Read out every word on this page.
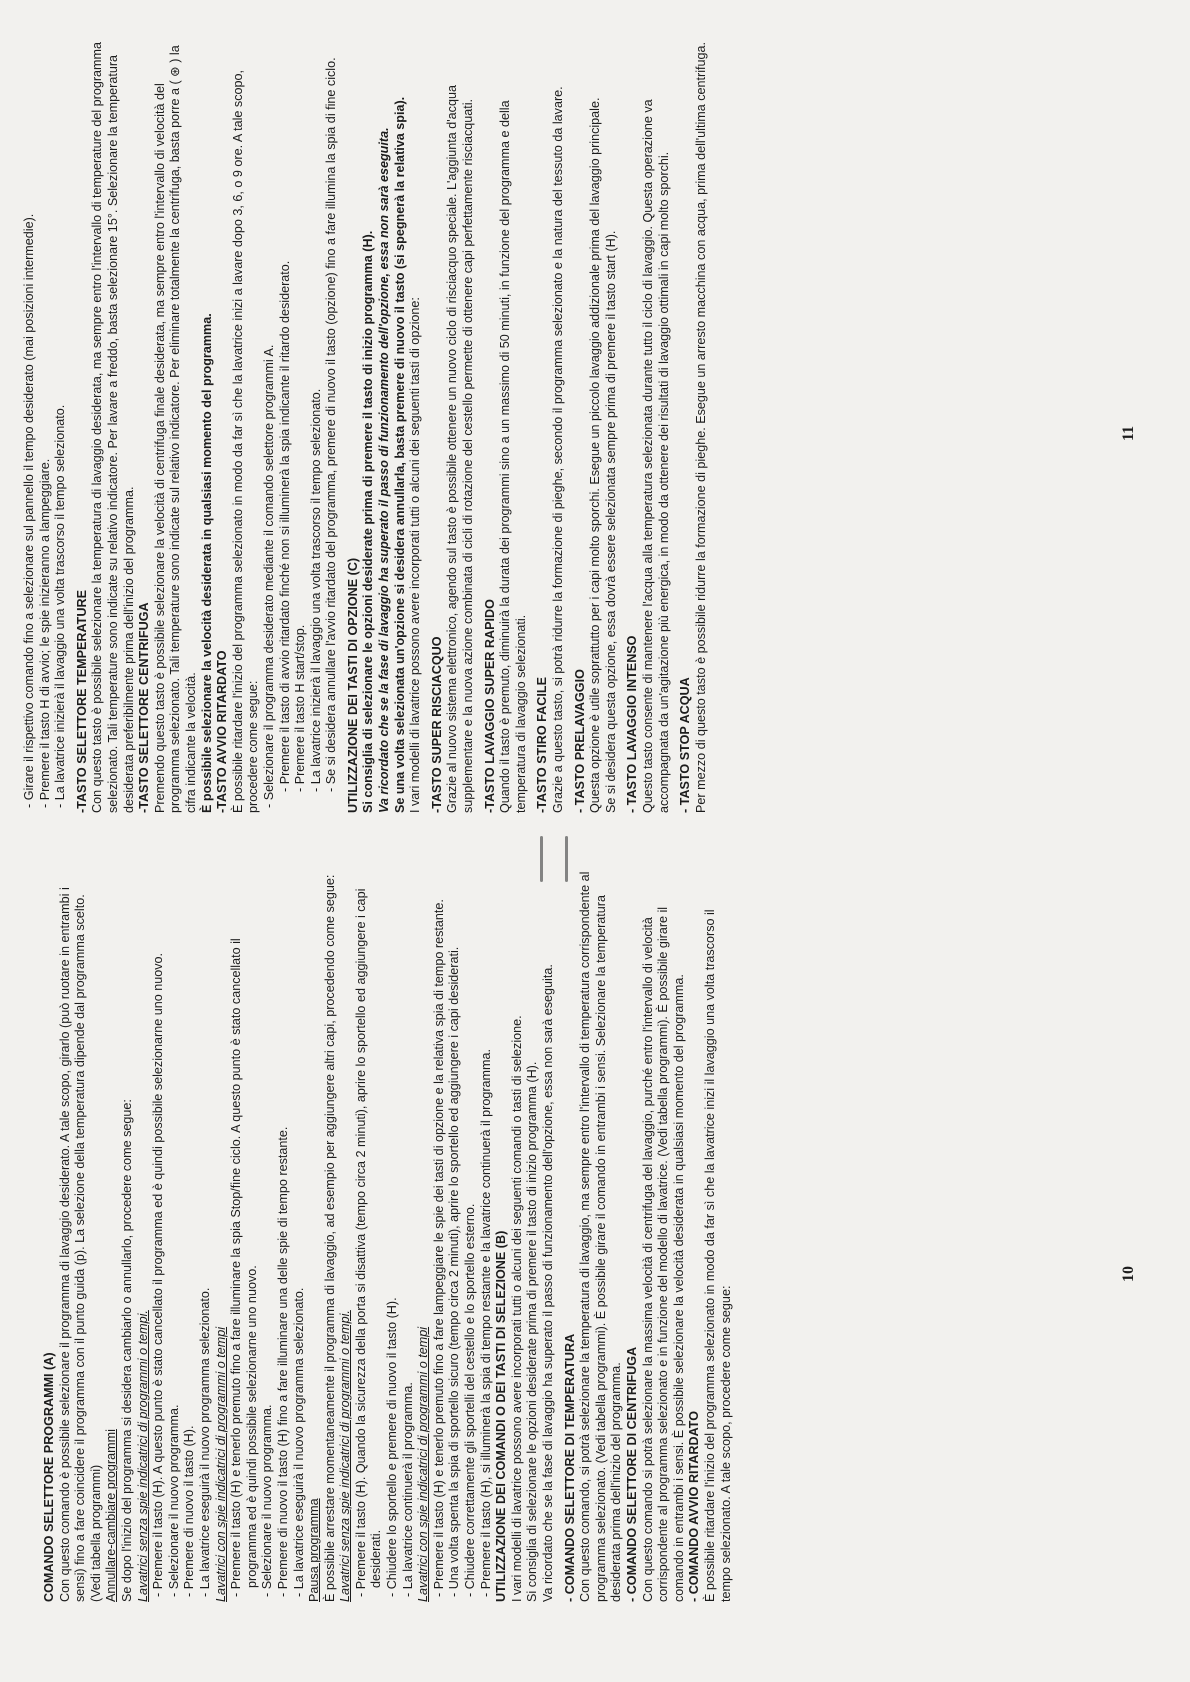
COMANDO SELETTORE PROGRAMMI (A) Con questo comando è possibile selezionare il programma di lavaggio desiderato. A tale scopo, girarlo (può ruotare in entrambi i sensi) fino a fare coincidere il programma con il punto guida (p). La selezione della temperatura dipende dal programma scelto. (Vedi tabella programmi) Annullare-cambiare programmi Se dopo l'inizio del programma si desidera cambiarlo o annullarlo, procedere come segue: Lavatrici senza spie indicatrici di programmi o tempi. - Premere il tasto (H). A questo punto è stato cancellato il programma ed è quindi possibile selezionarne uno nuovo. - Selezionare il nuovo programma. - Premere di nuovo il tasto (H). - La lavatrice eseguirà il nuovo programma selezionato. Lavatrici con spie indicatrici di programmi o tempi - Premere il tasto (H) e tenerlo premuto fino a fare illuminare la spia Stop/fine ciclo. A questo punto è stato cancellato il programma ed è quindi possibile selezionarne uno nuovo. - Selezionare il nuovo programma. - Premere di nuovo il tasto (H) fino a fare illuminare una delle spie di tempo restante. - La lavatrice eseguirà il nuovo programma selezionato. Pausa programma È possibile arrestare momentaneamente il programma di lavaggio, ad esempio per aggiungere altri capi, procedendo come segue: Lavatrici senza spie indicatrici di programmi o tempi. - Premere il tasto (H). Quando la sicurezza della porta si disattiva (tempo circa 2 minuti), aprire lo sportello ed aggiungere i capi desiderati. - Chiudere lo sportello e premere di nuovo il tasto (H). - La lavatrice continuerà il programma. Lavatrici con spie indicatrici di programmi o tempi - Premere il tasto (H) e tenerlo premuto fino a fare lampeggiare le spie dei tasti di opzione e la relativa spia di tempo restante. - Una volta spenta la spia di sportello sicuro (tempo circa 2 minuti), aprire lo sportello ed aggiungere i capi desiderati. - Chiudere correttamente gli sportelli del cestello e lo sportello esterno. - Premere il tasto (H), si illuminerà la spia di tempo restante e la lavatrice continuerà il programma. UTILIZZAZIONE DEI COMANDI O DEI TASTI DI SELEZIONE (B) I vari modelli di lavatrice possono avere incorporati tutti o alcuni dei seguenti comandi o tasti di selezione. Si consiglia di selezionare le opzioni desiderate prima di premere il tasto di inizio programma (H). Va ricordato che se la fase di lavaggio ha superato il passo di funzionamento dell'opzione, essa non sarà eseguita. - COMANDO SELETTORE DI TEMPERATURA Con questo comando, si potrà selezionare la temperatura di lavaggio, ma sempre entro l'intervallo di temperatura corrispondente al programma selezionato. (Vedi tabella programmi). È possibile girare il comando in entrambi i sensi. Selezionare la temperatura desiderata prima dell'inizio del programma. - COMANDO SELETTORE DI CENTRIFUGA Con questo comando si potrà selezionare la massima velocità di centrifuga del lavaggio, purché entro l'intervallo di velocità corrispondente al programma selezionato e in funzione del modello di lavatrice. (Vedi tabella programmi). È possibile girare il comando in entrambi i sensi. È possibile selezionare la velocità desiderata in qualsiasi momento del programma. - COMANDO AVVIO RITARDATO È possibile ritardare l'inizio del programma selezionato in modo da far sì che la lavatrice inizi il lavaggio una volta trascorso il tempo selezionato. A tale scopo, procedere come segue:

10

- Girare il rispettivo comando fino a selezionare sul pannello il tempo desiderato (mai posizioni intermedie). - Premere il tasto H di avvio; le spie inizieranno a lampeggiare. - La lavatrice inizierà il lavaggio una volta trascorso il tempo selezionato. -TASTO SELETTORE TEMPERATURE Con questo tasto è possibile selezionare la temperatura di lavaggio desiderata, ma sempre entro l'intervallo di temperature del programma selezionato. Tali temperature sono indicate su relativo indicatore. Per lavare a freddo, basta selezionare 15°. Selezionare la temperatura desiderata preferibilmente prima dell'inizio del programma. -TASTO SELETTORE CENTRIFUGA Premendo questo tasto è possibile selezionare la velocità di centrifuga finale desiderata, ma sempre entro l'intervallo di velocità del programma selezionato. Tali temperature sono indicate sul relativo indicatore. Per eliminare totalmente la centrifuga, basta porre a ( ⊛ ) la cifra indicante la velocità. È possibile selezionare la velocità desiderata in qualsiasi momento del programma. -TASTO AVVIO RITARDATO È possibile ritardare l'inizio del programma selezionato in modo da far sì che la lavatrice inizi a lavare dopo 3, 6, o 9 ore. A tale scopo, procedere come segue: - Selezionare il programma desiderato mediante il comando selettore programmi A. - Premere il tasto di avvio ritardato finché non si illuminerà la spia indicante il ritardo desiderato. - Premere il tasto H start/stop. - La lavatrice inizierà il lavaggio una volta trascorso il tempo selezionato. - Se si desidera annullare l'avvio ritardato del programma, premere di nuovo il tasto (opzione) fino a fare illumina la spia di fine ciclo. UTILIZZAZIONE DEI TASTI DI OPZIONE (C) Si consiglia di selezionare le opzioni desiderate prima di premere il tasto di inizio programma (H). Va ricordato che se la fase di lavaggio ha superato il passo di funzionamento dell'opzione, essa non sarà eseguita. Se una volta selezionata un'opzione si desidera annullarla, basta premere di nuovo il tasto (si spegnerà la relativa spia). I vari modelli di lavatrice possono avere incorporati tutti o alcuni dei seguenti tasti di opzione: -TASTO SUPER RISCIACQUO Grazie al nuovo sistema elettronico, agendo sul tasto è possibile ottenere un nuovo ciclo di risciacquo speciale. L'aggiunta d'acqua supplementare e la nuova azione combinata di cicli di rotazione del cestello permette di ottenere capi perfettamente risciacquati. -TASTO LAVAGGIO SUPER RAPIDO Quando il tasto è premuto, diminuirà la durata dei programmi sino a un massimo di 50 minuti, in funzione del programma e della temperatura di lavaggio selezionati. -TASTO STIRO FACILE Grazie a questo tasto, si potrà ridurre la formazione di pieghe, secondo il programma selezionato e la natura del tessuto da lavare. - TASTO PRELAVAGGIO Questa opzione è utile soprattutto per i capi molto sporchi. Esegue un piccolo lavaggio addizionale prima del lavaggio principale. Se si desidera questa opzione, essa dovrà essere selezionata sempre prima di premere il tasto start (H). - TASTO LAVAGGIO INTENSO Questo tasto consente di mantenere l'acqua alla temperatura selezionata durante tutto il ciclo di lavaggio. Questa operazione va accompagnata da un'agitazione più energica, in modo da ottenere dei risultati di lavaggio ottimali in capi molto sporchi. - TASTO STOP ACQUA Per mezzo di questo tasto è possibile ridurre la formazione di pieghe. Esegue un arresto macchina con acqua, prima dell'ultima centrifuga.	11
